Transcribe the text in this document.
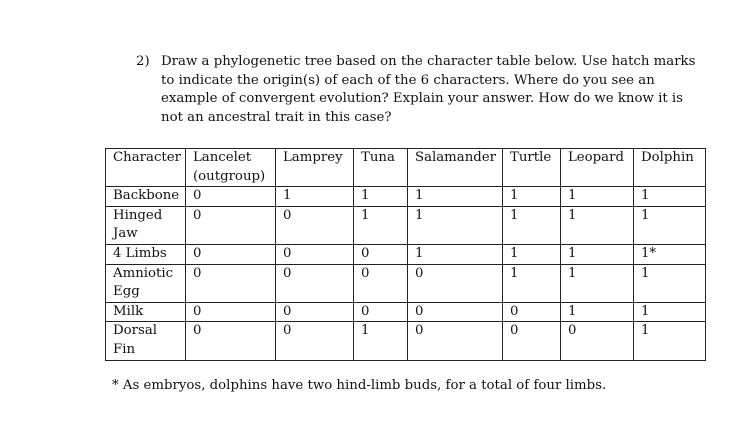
2) Draw a phylogenetic tree based on the character table below. Use hatch marks to indicate the origin(s) of each of the 6 characters. Where do you see an example of convergent evolution? Explain your answer. How do we know it is not an ancestral trait in this case?
Character	Lancelet (outgroup)	Lamprey	Tuna	Salamander	Turtle	Leopard	Dolphin
Backbone	0	1	1	1	1	1	1
Hinged Jaw	0	0	1	1	1	1	1
4 Limbs	0	0	0	1	1	1	1*
Amniotic Egg	0	0	0	0	1	1	1
Milk	0	0	0	0	0	1	1
Dorsal Fin	0	0	1	0	0	0	1
* As embryos, dolphins have two hind-limb buds, for a total of four limbs.
